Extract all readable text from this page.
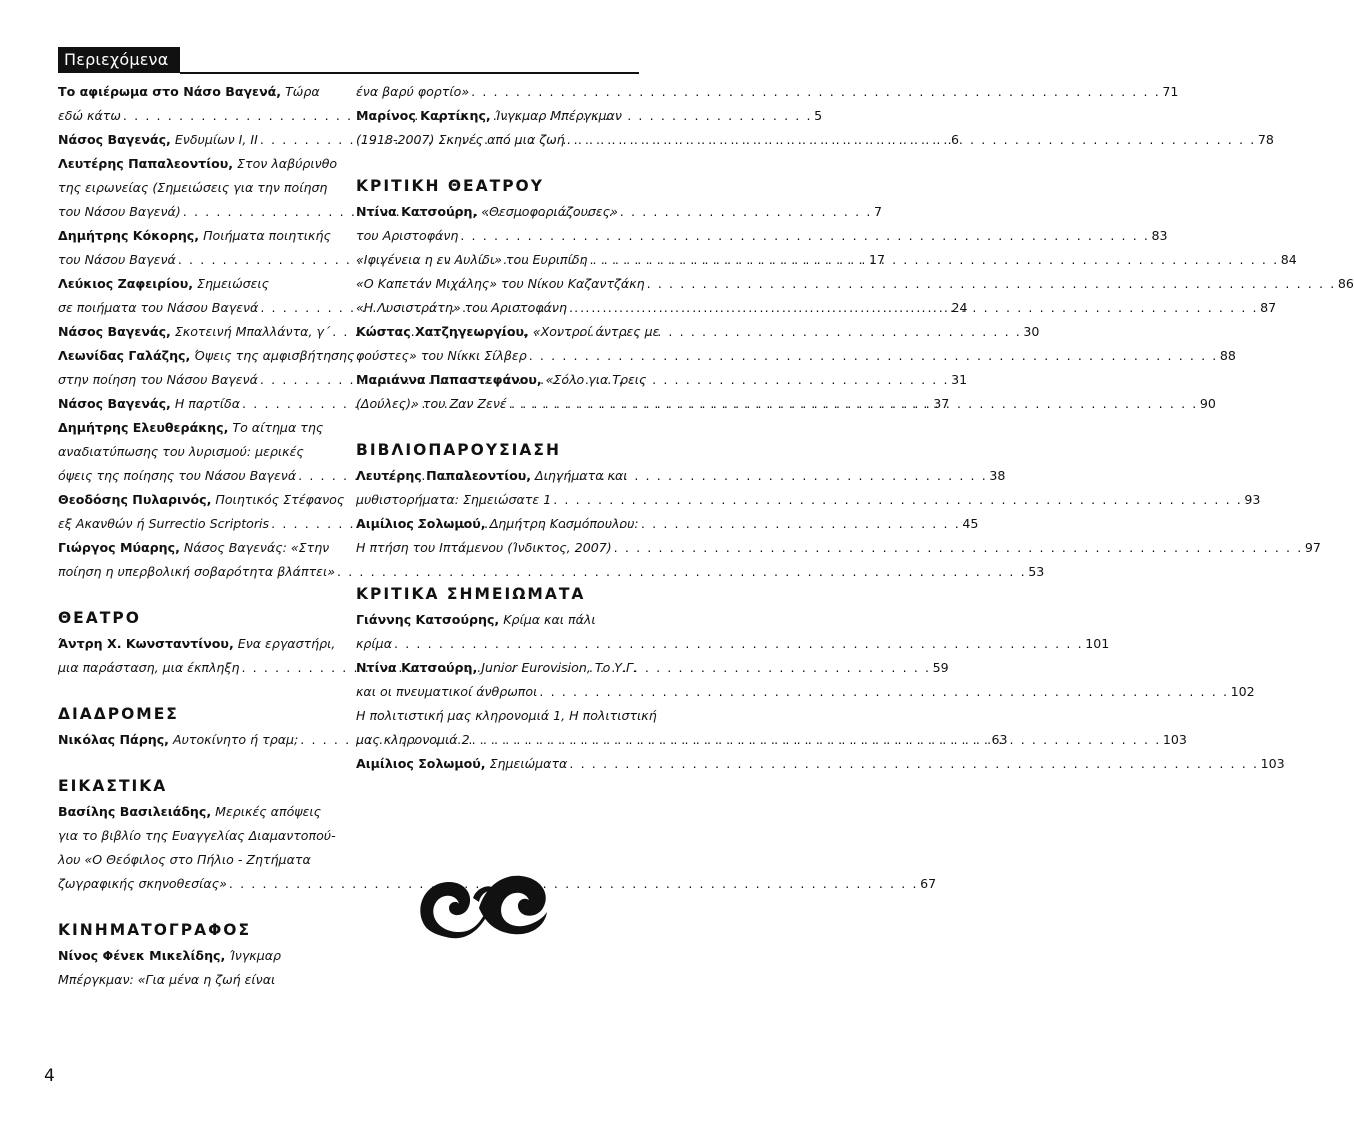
Περιεχόμενα
Το αφιέρωμα στο Νάσο Βαγενά, Τώρα
εδώ κάτω . . .	5
Νάσος Βαγενάς, Ενδυμίων Ι, ΙΙ . . .	6
Λευτέρης Παπαλεοντίου, Στον λαβύρινθο
της ειρωνείας (Σημειώσεις για την ποίηση
του Νάσου Βαγενά) . . .	7
Δημήτρης Κόκορης, Ποιήματα ποιητικής
του Νάσου Βαγενά . . .	17
Λεύκιος Ζαφειρίου, Σημειώσεις
σε ποιήματα του Νάσου Βαγενά . . .	24
Νάσος Βαγενάς, Σκοτεινή Μπαλλάντα, γ΄ . . .	30
Λεωνίδας Γαλάζης, Όψεις της αμφισβήτησης
στην ποίηση του Νάσου Βαγενά . . .	31
Νάσος Βαγενάς, Η παρτίδα . . .	37
Δημήτρης Ελευθεράκης, Το αίτημα της
αναδιατύπωσης του λυρισμού: μερικές
όψεις της ποίησης του Νάσου Βαγενά . . .	38
Θεοδόσης Πυλαρινός, Ποιητικός Στέφανος
εξ Ακανθών ή Surrectio Scriptoris . . .	45
Γιώργος Μύαρης, Νάσος Βαγενάς: «Στην
ποίηση η υπερβολική σοβαρότητα βλάπτει» . . .	53
ΘΕΑΤΡΟ
Άντρη Χ. Κωνσταντίνου, Ενα εργαστήρι,
μια παράσταση, μια έκπληξη . . .	59
ΔΙΑΔΡΟΜΕΣ
Νικόλας Πάρης, Αυτοκίνητο ή τραμ; . . .	63
ΕΙΚΑΣΤΙΚΑ
Βασίλης Βασιλειάδης, Μερικές απόψεις
για το βιβλίο της Ευαγγελίας Διαμαντοπού-
λου «Ο Θεόφιλος στο Πήλιο - Ζητήματα
ζωγραφικής σκηνοθεσίας» . . .	67
ΚΙΝΗΜΑΤΟΓΡΑΦΟΣ
Νίνος Φένεκ Μικελίδης, Ίνγκμαρ
Μπέργκμαν: «Για μένα η ζωή είναι
ένα βαρύ φορτίο» . . .	71
Μαρίνος Καρτίκης, Ίνγκμαρ Μπέργκμαν
(1918-2007) Σκηνές από μια ζωή . . .	78
ΚΡΙΤΙΚΗ ΘΕΑΤΡΟΥ
Ντίνα Κατσούρη, «Θεσμοφοριάζουσες»
του Αριστοφάνη . . .	83
«Ιφιγένεια η εν Αυλίδι» του Ευριπίδη . . .	84
«Ο Καπετάν Μιχάλης» του Νίκου Καζαντζάκη . . .	86
«Η Λυσιστράτη» του Αριστοφάνη . . .	87
Κώστας Χατζηγεωργίου, «Χοντροί άντρες με
φούστες» του Νίκκι Σίλβερ . . .	88
Μαριάννα Παπαστεφάνου, «Σόλο για Τρεις
(Δούλες)» του Ζαν Ζενέ . . .	90
ΒΙΒΛΙΟΠΑΡΟΥΣΙΑΣΗ
Λευτέρης Παπαλεοντίου, Διηγήματα και
μυθιστορήματα: Σημειώσατε 1 . . .	93
Αιμίλιος Σολωμού, Δημήτρη Κοσμόπουλου:
Η πτήση του Ιπτάμενου (Ίνδικτος, 2007) . . .	97
ΚΡΙΤΙΚΑ ΣΗΜΕΙΩΜΑΤΑ
Γιάννης Κατσούρης, Κρίμα και πάλι
κρίμα . . .	101
Ντίνα Κατσούρη, Junior Eurovision, Το Υ.Γ.
και οι πνευματικοί άνθρωποι . . .	102
Η πολιτιστική μας κληρονομιά 1, Η πολιτιστική
μας κληρονομιά 2 . . .	103
Αιμίλιος Σολωμού, Σημειώματα . . .	103
4
